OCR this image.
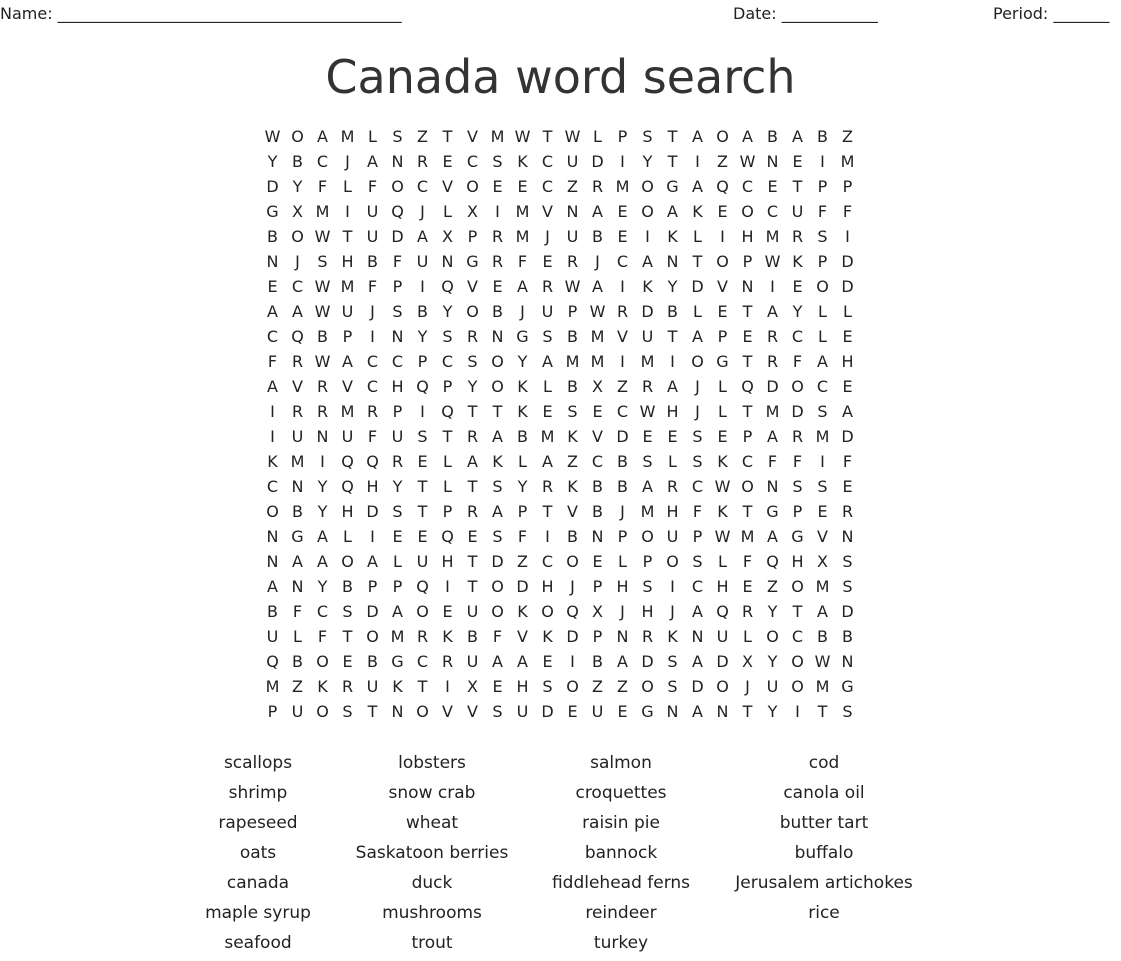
Name: ___________________________________________	Date: ____________	Period: _______
Canada word search
W O A M L S Z T V M W T W L P S T A O A B A B Z
Y B C	J	A N R E C S K C U D	I	Y T	I	Z W N E	I M
D Y F L F O C V O E E C Z R M O G A Q C E T P P
G X M I	U Q	J	L X	I M V N A E O A K E O C U F F
B O W T U D A X P R M J	U B E	I	K L	I	H M R S	I
N	J	S H B F U N G R F E R	J	C A N T O P W K P D
E C W M F P	I	Q V E A R W A	I	K Y D V N	I	E O D
A A W U	J	S B Y O B	J	U P W R D B L E T A Y L	L
C Q B P	I	N Y S R N G S B M V U T A P E R C L E
F R W A C C P C S O Y A M M I M I	O G T R F A H
A V R V C H Q P Y O K L B X Z R A	J	L Q D O C E
I	R R M R P	I	Q T T K E S E C W H	J	L T M D S A
I	U N U F U S T R A B M K V D E E S E P A R M D
K M I	Q Q R E L A K L A Z C B S L S K C F F	I	F
C N Y Q H Y T L T S Y R K B B A R C W O N S S E
O B Y H D S T P R A P T V B	J M H F K T G P E R
N G A L	I	E E Q E S F	I	B N P O U P W M A G V N
N A A O A L U H T D Z C O E L P O S L F Q H X S
A N Y B P P Q	I	T O D H	J	P H S	I	C H E Z O M S
B F C S D A O E U O K O Q X	J	H	J	A Q R Y T A D
U L F T O M R K B F V K D P N R K N U L O C B B
Q B O E B G C R U A A E	I	B A D S A D X Y O W N
M Z K R U K T	I	X E H S O Z Z O S D O	J	U O M G
P U O S T N O V V S U D E U E G N A N T Y	I	T S
scallops
shrimp
rapeseed
oats
canada
maple syrup
seafood
lobsters
snow crab
wheat
Saskatoon berries
duck
mushrooms
trout
salmon
croquettes
raisin pie
bannock
fiddlehead ferns
reindeer
turkey
cod
canola oil
butter tart
buffalo
Jerusalem artichokes
rice
